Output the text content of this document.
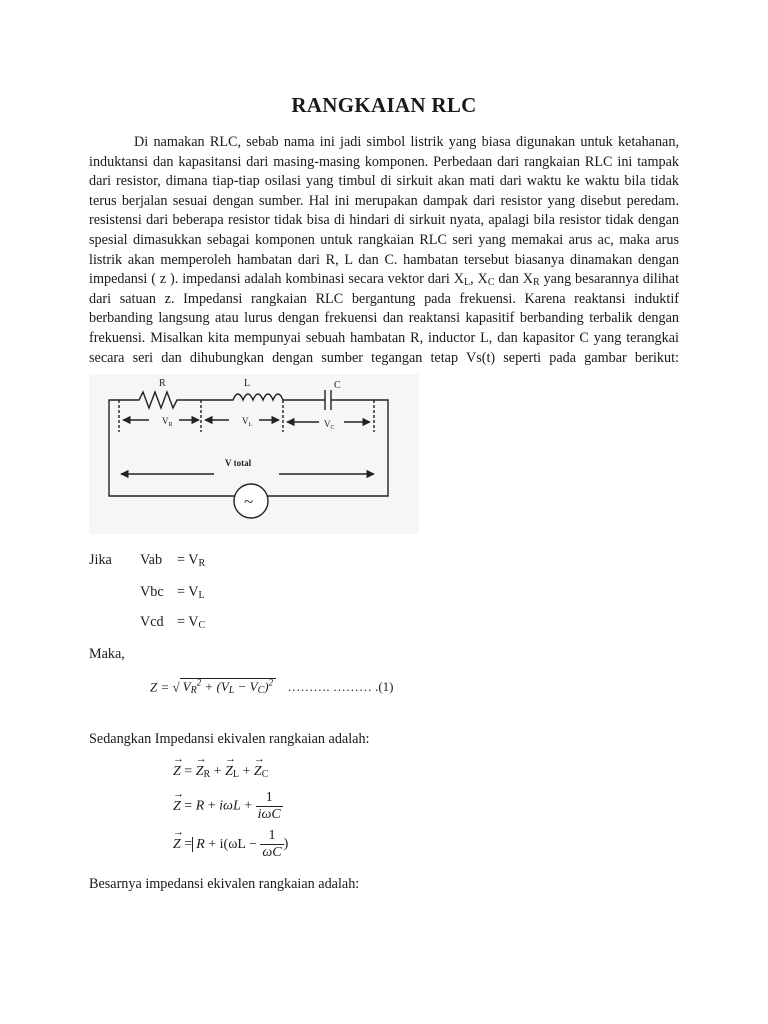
RANGKAIAN RLC
Di namakan RLC, sebab nama ini jadi simbol listrik yang biasa digunakan untuk ketahanan, induktansi dan kapasitansi dari masing-masing komponen. Perbedaan dari rangkaian RLC ini tampak dari resistor, dimana tiap-tiap osilasi yang timbul di sirkuit akan mati dari waktu ke waktu bila tidak terus berjalan sesuai dengan sumber. Hal ini merupakan dampak dari resistor yang disebut peredam. resistensi dari beberapa resistor tidak bisa di hindari di sirkuit nyata, apalagi bila resistor tidak dengan spesial dimasukkan sebagai komponen untuk rangkaian RLC seri yang memakai arus ac, maka arus listrik akan memperoleh hambatan dari R, L dan C. hambatan tersebut biasanya dinamakan dengan impedansi ( z ). impedansi adalah kombinasi secara vektor dari $X_L$, $X_C$ dan $X_R$ yang besarannya dilihat dari satuan z. Impedansi rangkaian RLC bergantung pada frekuensi. Karena reaktansi induktif berbanding langsung atau lurus dengan frekuensi dan reaktansi kapasitif berbanding terbalik dengan frekuensi. Misalkan kita mempunyai sebuah hambatan R, inductor L, dan kapasitor C yang terangkai secara seri dan dihubungkan dengan sumber tegangan tetap Vs(t) seperti pada gambar berikut:
R	L	C
$V_R$	$V_L$	$V_C$
V total
~
Jika Vab = $V_R$
Vbc = $V_L$
Vcd = $V_C$
Maka,
Z = √ $V_R^2 + (V_L - V_C)^2$ ………. ……… .(1)
Sedangkan Impedansi ekivalen rangkaian adalah:
→ Z = → $Z_R$ + → $Z_L$ + → $Z_C$
→ $Z = R + i\omega L + \frac{1}{\text{iωC}}$
→ $Z = R + i(\omega L - \frac{1}{\omega C}$ )
Besarnya impedansi ekivalen rangkaian adalah:
